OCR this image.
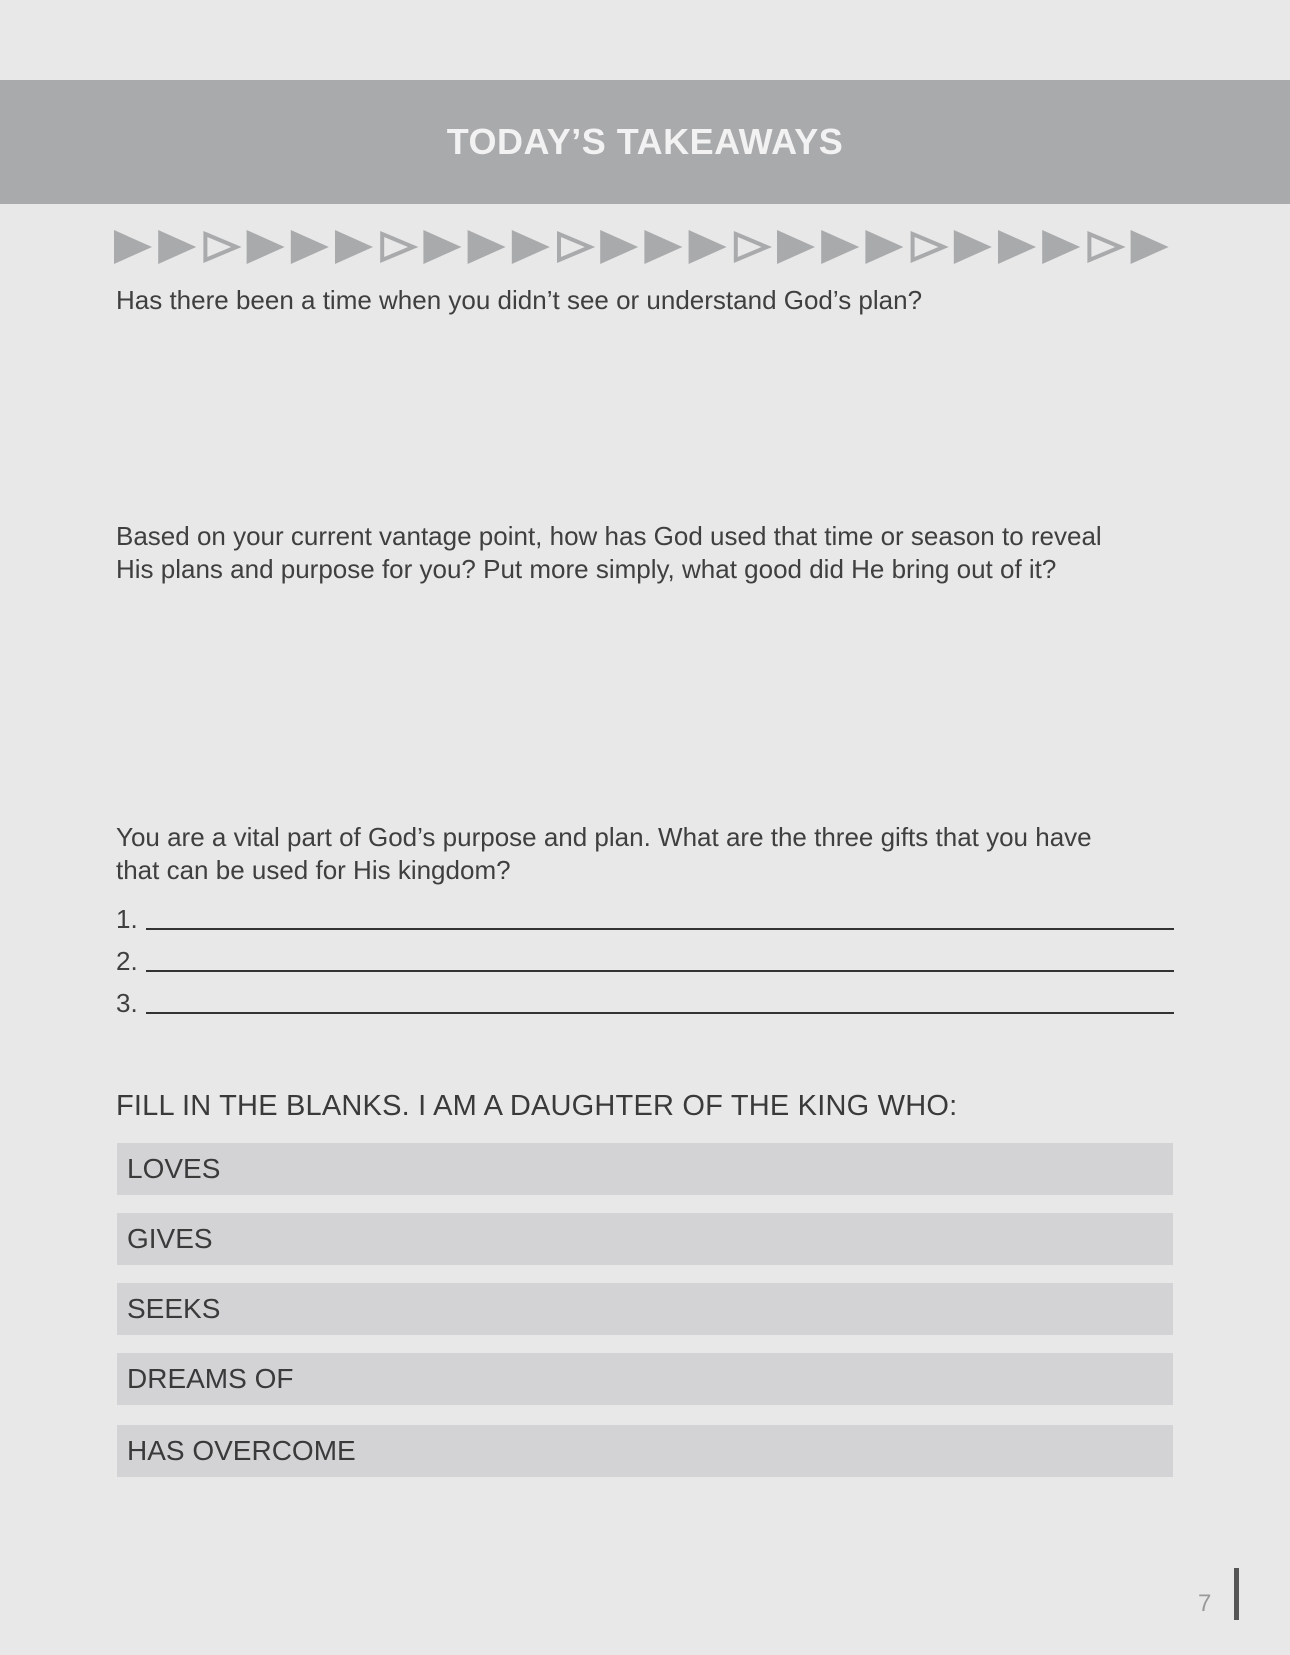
TODAY’S TAKEAWAYS

Has there been a time when you didn’t see or understand God’s plan?

Based on your current vantage point, how has God used that time or season to reveal
His plans and purpose for you? Put more simply, what good did He bring out of it?
You are a vital part of God’s purpose and plan. What are the three gifts that you have
that can be used for His kingdom?
1.
2.
3.

FILL IN THE BLANKS. I AM A DAUGHTER OF THE KING WHO:

LOVES
GIVES
SEEKS
DREAMS OF
HAS OVERCOME
7
